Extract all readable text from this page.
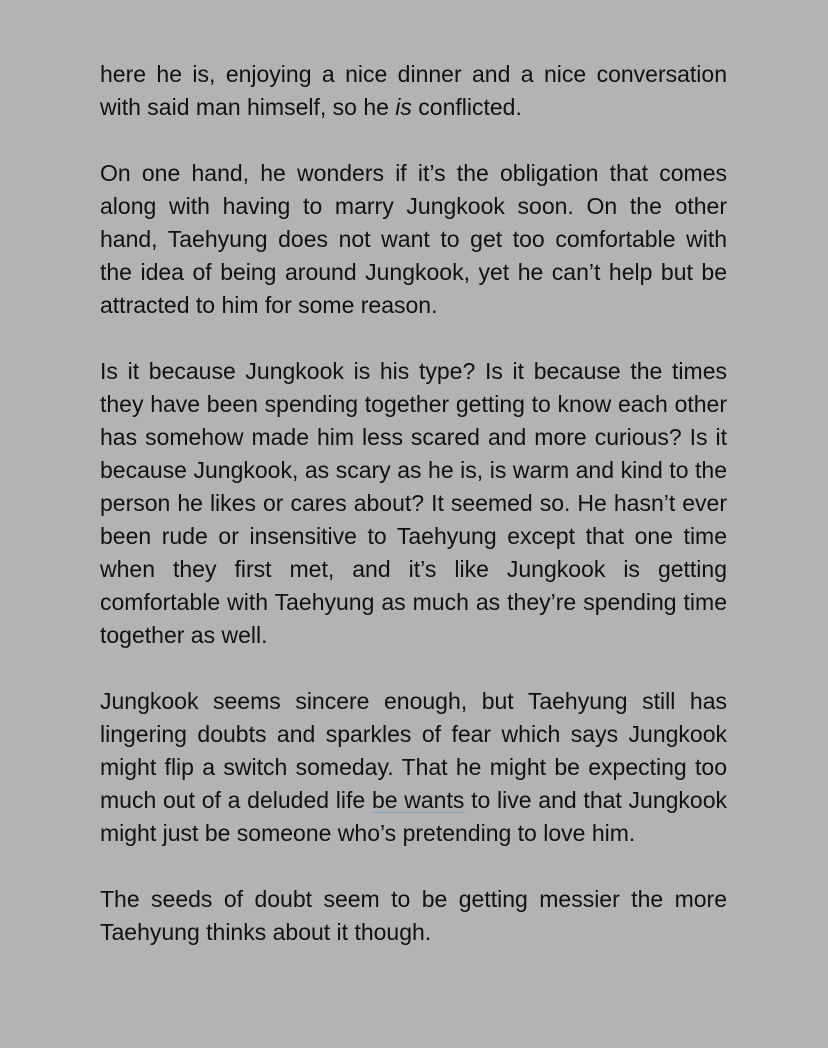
here he is, enjoying a nice dinner and a nice conversation with said man himself, so he is conflicted.

On one hand, he wonders if it’s the obligation that comes along with having to marry Jungkook soon. On the other hand, Taehyung does not want to get too comfortable with the idea of being around Jungkook, yet he can’t help but be attracted to him for some reason.

Is it because Jungkook is his type? Is it because the times they have been spending together getting to know each other has somehow made him less scared and more curious? Is it because Jungkook, as scary as he is, is warm and kind to the person he likes or cares about? It seemed so. He hasn’t ever been rude or insensitive to Taehyung except that one time when they first met, and it’s like Jungkook is getting comfortable with Taehyung as much as they’re spending time together as well.

Jungkook seems sincere enough, but Taehyung still has lingering doubts and sparkles of fear which says Jungkook might flip a switch someday. That he might be expecting too much out of a deluded life be wants to live and that Jungkook might just be someone who’s pretending to love him.

The seeds of doubt seem to be getting messier the more Taehyung thinks about it though.
